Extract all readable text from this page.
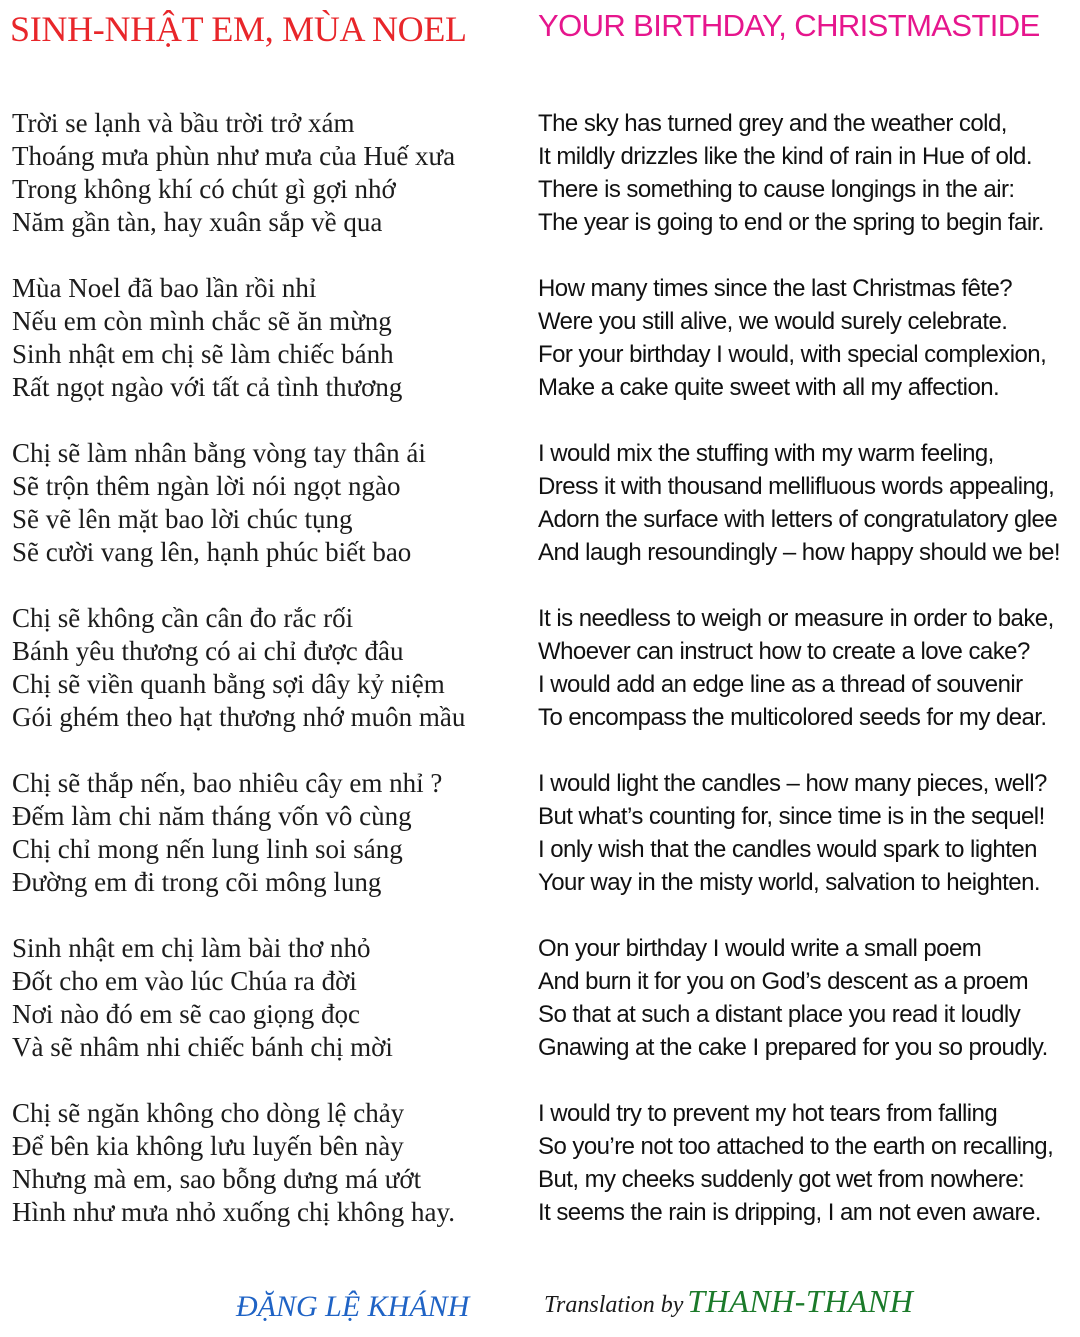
SINH-NHẬT EM, MÙA NOEL	YOUR BIRTHDAY, CHRISTMASTIDE
Trời se lạnh và bầu trời trở xám
Thoáng mưa phùn như mưa của Huế xưa
Trong không khí có chút gì gợi nhớ
Năm gần tàn, hay xuân sắp về qua
Mùa Noel đã bao lần rồi nhỉ
Nếu em còn mình chắc sẽ ăn mừng
Sinh nhật em chị sẽ làm chiếc bánh
Rất ngọt ngào với tất cả tình thương
Chị sẽ làm nhân bằng vòng tay thân ái
Sẽ trộn thêm ngàn lời nói ngọt ngào
Sẽ vẽ lên mặt bao lời chúc tụng
Sẽ cười vang lên, hạnh phúc biết bao
Chị sẽ không cần cân đo rắc rối
Bánh yêu thương có ai chỉ được đâu
Chị sẽ viền quanh bằng sợi dây kỷ niệm
Gói ghém theo hạt thương nhớ muôn mầu
Chị sẽ thắp nến, bao nhiêu cây em nhỉ ?
Đếm làm chi năm tháng vốn vô cùng
Chị chỉ mong nến lung linh soi sáng
Đường em đi trong cõi mông lung
Sinh nhật em chị làm bài thơ nhỏ
Đốt cho em vào lúc Chúa ra đời
Nơi nào đó em sẽ cao giọng đọc
Và sẽ nhâm nhi chiếc bánh chị mời
Chị sẽ ngăn không cho dòng lệ chảy
Để bên kia không lưu luyến bên này
Nhưng mà em, sao bỗng dưng má ướt
Hình như mưa nhỏ xuống chị không hay.
The sky has turned grey and the weather cold,
It mildly drizzles like the kind of rain in Hue of old.
There is something to cause longings in the air:
The year is going to end or the spring to begin fair.
How many times since the last Christmas fête?
Were you still alive, we would surely celebrate.
For your birthday I would, with special complexion,
Make a cake quite sweet with all my affection.
I would mix the stuffing with my warm feeling,
Dress it with thousand mellifluous words appealing,
Adorn the surface with letters of congratulatory glee
And laugh resoundingly – how happy should we be!
It is needless to weigh or measure in order to bake,
Whoever can instruct how to create a love cake?
I would add an edge line as a thread of souvenir
To encompass the multicolored seeds for my dear.
I would light the candles – how many pieces, well?
But what’s counting for, since time is in the sequel!
I only wish that the candles would spark to lighten
Your way in the misty world, salvation to heighten.
On your birthday I would write a small poem
And burn it for you on God’s descent as a proem
So that at such a distant place you read it loudly
Gnawing at the cake I prepared for you so proudly.
I would try to prevent my hot tears from falling
So you’re not too attached to the earth on recalling,
But, my cheeks suddenly got wet from nowhere:
It seems the rain is dripping, I am not even aware.
ĐẶNG LỆ KHÁNH	Translation by THANH-THANH
